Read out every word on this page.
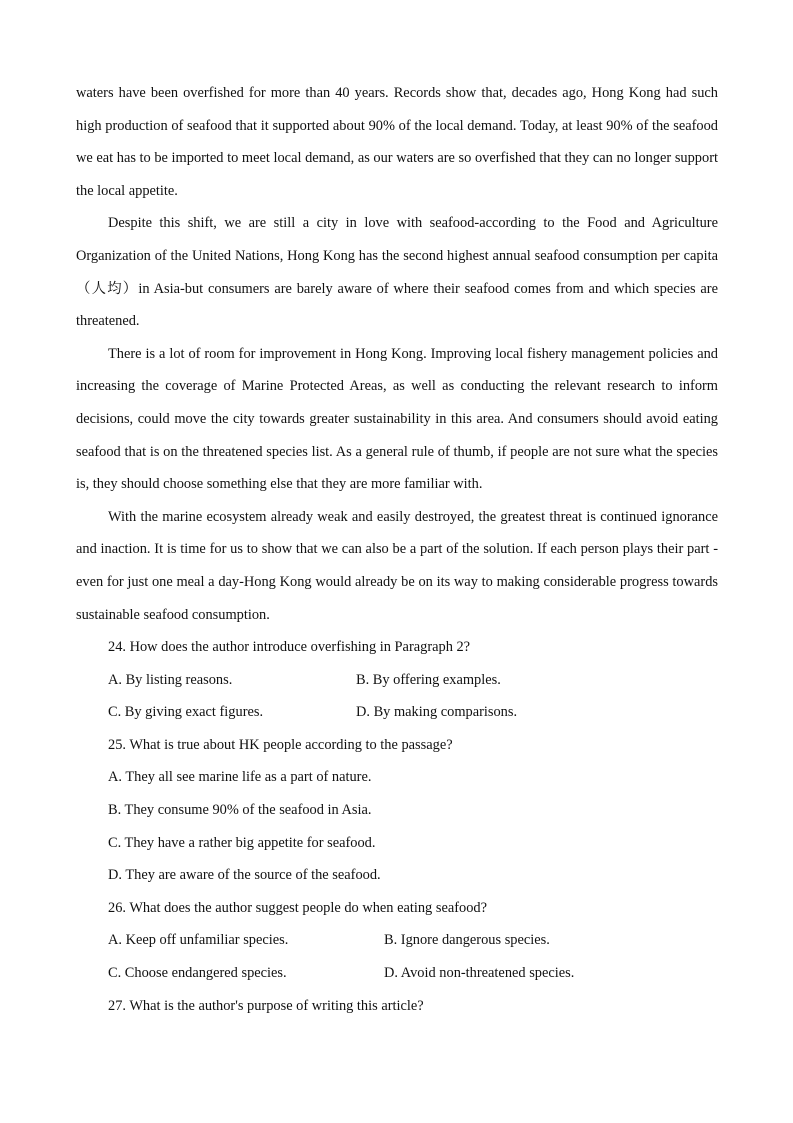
waters have been overfished for more than 40 years. Records show that, decades ago, Hong Kong had such high production of seafood that it supported about 90% of the local demand. Today, at least 90% of the seafood we eat has to be imported to meet local demand, as our waters are so overfished that they can no longer support the local appetite.

Despite this shift, we are still a city in love with seafood-according to the Food and Agriculture Organization of the United Nations, Hong Kong has the second highest annual seafood consumption per capita （人均）in Asia-but consumers are barely aware of where their seafood comes from and which species are threatened.

There is a lot of room for improvement in Hong Kong. Improving local fishery management policies and increasing the coverage of Marine Protected Areas, as well as conducting the relevant research to inform decisions, could move the city towards greater sustainability in this area. And consumers should avoid eating seafood that is on the threatened species list. As a general rule of thumb, if people are not sure what the species is, they should choose something else that they are more familiar with.

With the marine ecosystem already weak and easily destroyed, the greatest threat is continued ignorance and inaction. It is time for us to show that we can also be a part of the solution. If each person plays their part - even for just one meal a day-Hong Kong would already be on its way to making considerable progress towards sustainable seafood consumption.

24. How does the author introduce overfishing in Paragraph 2?

A. By listing reasons.	B. By offering examples.
C. By giving exact figures.	D. By making comparisons.

25. What is true about HK people according to the passage?

A. They all see marine life as a part of nature.

B. They consume 90% of the seafood in Asia.

C. They have a rather big appetite for seafood.

D. They are aware of the source of the seafood.

26. What does the author suggest people do when eating seafood?

A. Keep off unfamiliar species.	B. Ignore dangerous species.
C. Choose endangered species.	D. Avoid non-threatened species.

27. What is the author's purpose of writing this article?
